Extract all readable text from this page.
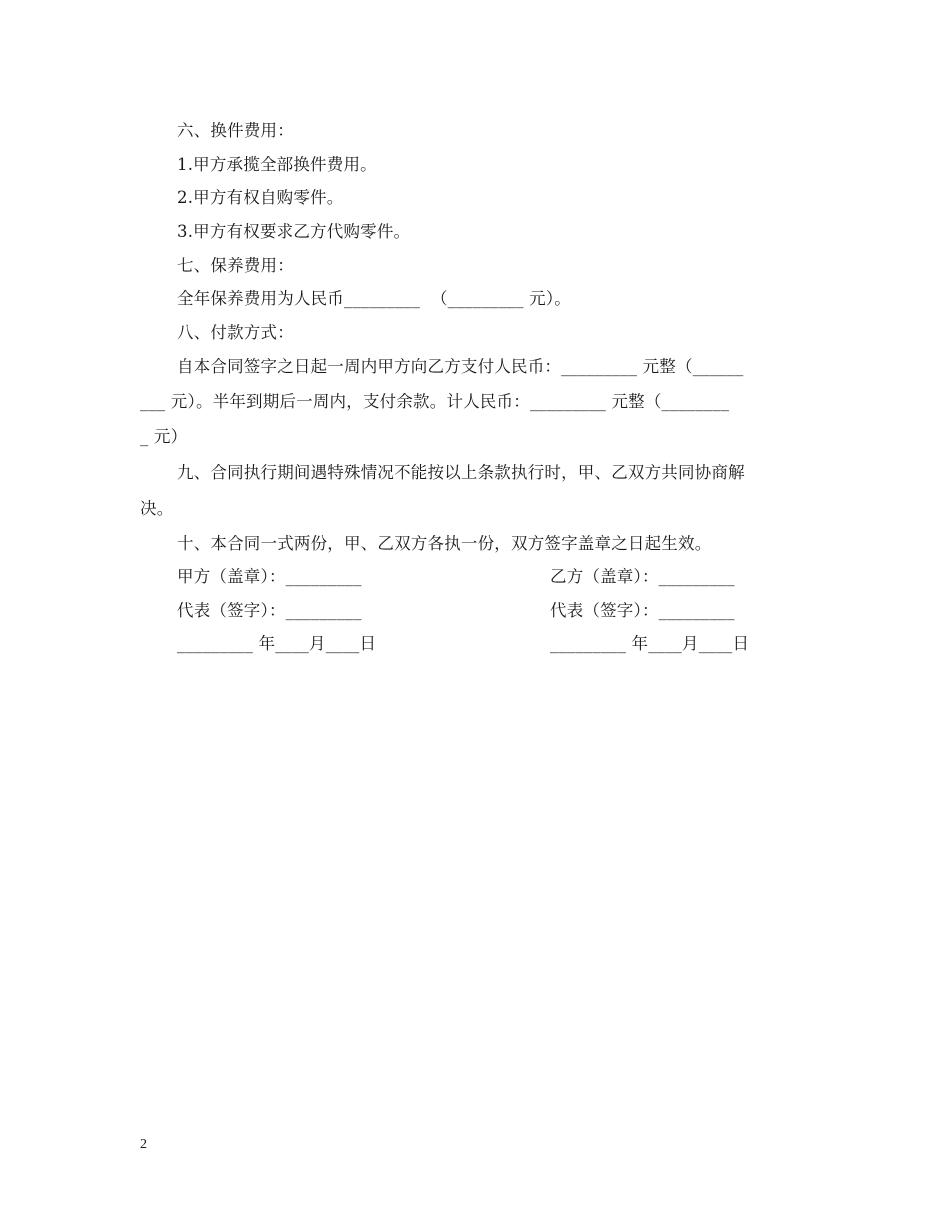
六、换件费用：
1.甲方承揽全部换件费用。
2.甲方有权自购零件。
3.甲方有权要求乙方代购零件。
七、保养费用：
全年保养费用为人民币_________  （_________ 元）。
八、付款方式：
自本合同签字之日起一周内甲方向乙方支付人民币：_________ 元整（______
___ 元）。半年到期后一周内，支付余款。计人民币：_________ 元整（________
_ 元）
九、合同执行期间遇特殊情况不能按以上条款执行时，甲、乙双方共同协商解
决。
十、本合同一式两份，甲、乙双方各执一份，双方签字盖章之日起生效。
甲方（盖章）：_________	乙方（盖章）：_________
代表（签字）：_________	代表（签字）：_________
_________ 年____月____日	_________ 年____月____日
2
